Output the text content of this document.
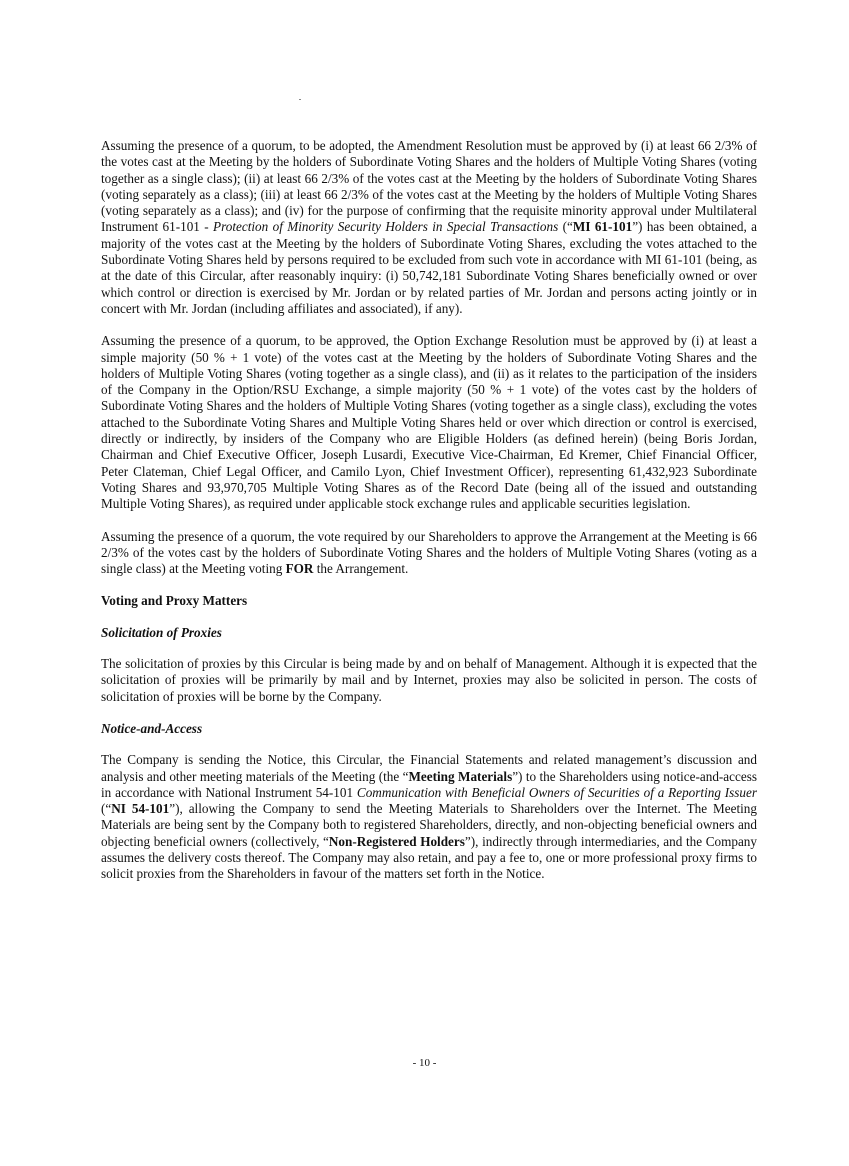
Assuming the presence of a quorum, to be adopted, the Amendment Resolution must be approved by (i) at least 66 2/3% of the votes cast at the Meeting by the holders of Subordinate Voting Shares and the holders of Multiple Voting Shares (voting together as a single class); (ii) at least 66 2/3% of the votes cast at the Meeting by the holders of Subordinate Voting Shares (voting separately as a class); (iii) at least 66 2/3% of the votes cast at the Meeting by the holders of Multiple Voting Shares (voting separately as a class); and (iv) for the purpose of confirming that the requisite minority approval under Multilateral Instrument 61-101 - Protection of Minority Security Holders in Special Transactions (“MI 61-101”) has been obtained, a majority of the votes cast at the Meeting by the holders of Subordinate Voting Shares, excluding the votes attached to the Subordinate Voting Shares held by persons required to be excluded from such vote in accordance with MI 61-101 (being, as at the date of this Circular, after reasonably inquiry: (i) 50,742,181 Subordinate Voting Shares beneficially owned or over which control or direction is exercised by Mr. Jordan or by related parties of Mr. Jordan and persons acting jointly or in concert with Mr. Jordan (including affiliates and associated), if any).

Assuming the presence of a quorum, to be approved, the Option Exchange Resolution must be approved by (i) at least a simple majority (50 % + 1 vote) of the votes cast at the Meeting by the holders of Subordinate Voting Shares and the holders of Multiple Voting Shares (voting together as a single class), and (ii) as it relates to the participation of the insiders of the Company in the Option/RSU Exchange, a simple majority (50 % + 1 vote) of the votes cast by the holders of Subordinate Voting Shares and the holders of Multiple Voting Shares (voting together as a single class), excluding the votes attached to the Subordinate Voting Shares and Multiple Voting Shares held or over which direction or control is exercised, directly or indirectly, by insiders of the Company who are Eligible Holders (as defined herein) (being Boris Jordan, Chairman and Chief Executive Officer, Joseph Lusardi, Executive Vice-Chairman, Ed Kremer, Chief Financial Officer, Peter Clateman, Chief Legal Officer, and Camilo Lyon, Chief Investment Officer), representing 61,432,923 Subordinate Voting Shares and 93,970,705 Multiple Voting Shares as of the Record Date (being all of the issued and outstanding Multiple Voting Shares), as required under applicable stock exchange rules and applicable securities legislation.

Assuming the presence of a quorum, the vote required by our Shareholders to approve the Arrangement at the Meeting is 66 2/3% of the votes cast by the holders of Subordinate Voting Shares and the holders of Multiple Voting Shares (voting as a single class) at the Meeting voting FOR the Arrangement.

Voting and Proxy Matters
Solicitation of Proxies

The solicitation of proxies by this Circular is being made by and on behalf of Management. Although it is expected that the solicitation of proxies will be primarily by mail and by Internet, proxies may also be solicited in person. The costs of solicitation of proxies will be borne by the Company.

Notice-and-Access

The Company is sending the Notice, this Circular, the Financial Statements and related management’s discussion and analysis and other meeting materials of the Meeting (the “Meeting Materials”) to the Shareholders using notice-and-access in accordance with National Instrument 54-101 Communication with Beneficial Owners of Securities of a Reporting Issuer (“NI 54-101”), allowing the Company to send the Meeting Materials to Shareholders over the Internet. The Meeting Materials are being sent by the Company both to registered Shareholders, directly, and non-objecting beneficial owners and objecting beneficial owners (collectively, “Non-Registered Holders”), indirectly through intermediaries, and the Company assumes the delivery costs thereof. The Company may also retain, and pay a fee to, one or more professional proxy firms to solicit proxies from the Shareholders in favour of the matters set forth in the Notice.

- 10 -
